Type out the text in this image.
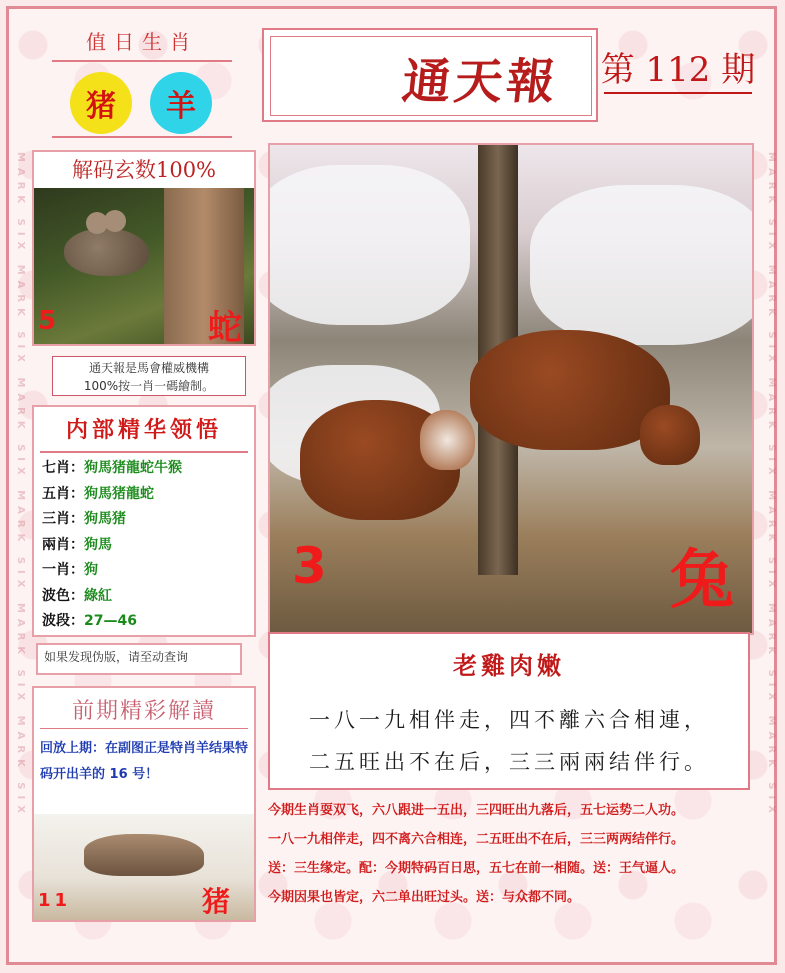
MARK SIX MARK SIX MARK SIX MARK SIX MARK SIX MARK SIX	MARK SIX MARK SIX MARK SIX MARK SIX MARK SIX MARK SIX
值日生肖
猪 羊
解码玄数100%
5	蛇
通天報是馬會權威機構
100%按一肖一碼繪制。
内部精华领悟
七肖：狗馬猪龍蛇牛猴
五肖：狗馬猪龍蛇
三肖：狗馬猪
兩肖：狗馬
一肖：狗
波色：綠紅
波段：27—46
如果发现伪版，请至动查询
前期精彩解讀
回放上期：在副图正是特肖羊结果特码开出羊的 16 号！
11	猪
通天報 第 112 期
3	兔
老雞肉嫩
一八一九相伴走，四不離六合相連，
二五旺出不在后，三三兩兩结伴行。
今期生肖耍双飞，六八跟进一五出，三四旺出九落后，五七运势二人功。
一八一九相伴走，四不离六合相连，二五旺出不在后，三三两两结伴行。
送：三生缘定。配：今期特码百日思，五七在前一相随。送：王气逼人。
今期因果也皆定，六二单出旺过头。送：与众都不同。
